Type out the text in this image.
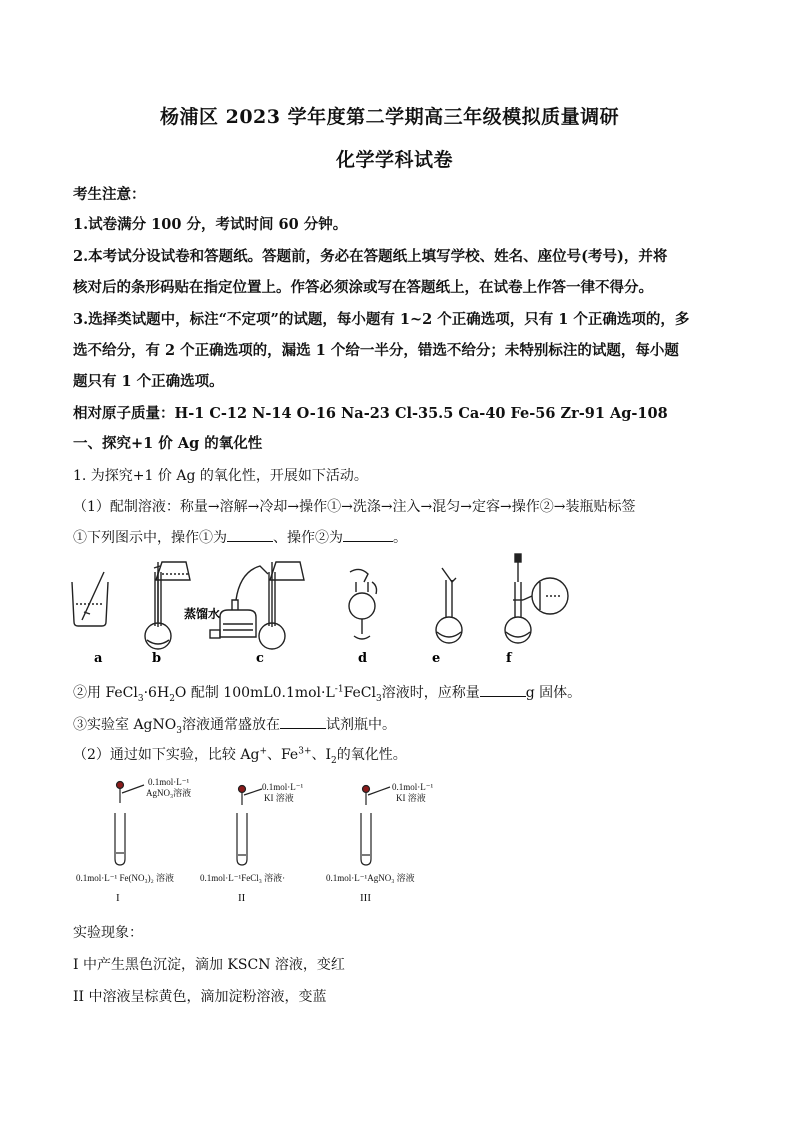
杨浦区 2023 学年度第二学期高三年级模拟质量调研
化学学科试卷
考生注意：
1.试卷满分 100 分，考试时间 60 分钟。
2.本考试分设试卷和答题纸。答题前，务必在答题纸上填写学校、姓名、座位号(考号)，并将
核对后的条形码贴在指定位置上。作答必须涂或写在答题纸上，在试卷上作答一律不得分。
3.选择类试题中，标注“不定项”的试题，每小题有 1~2 个正确选项，只有 1 个正确选项的，多
选不给分，有 2 个正确选项的，漏选 1 个给一半分，错选不给分；未特别标注的试题，每小题
题只有 1 个正确选项。
相对原子质量：H-1 C-12 N-14 O-16 Na-23 Cl-35.5 Ca-40 Fe-56 Zr-91 Ag-108
一、探究+1 价 Ag 的氧化性
1. 为探究+1 价 Ag 的氧化性，开展如下活动。
（1）配制溶液：称量→溶解→冷却→操作①→洗涤→注入→混匀→定容→操作②→装瓶贴标签
①下列图示中，操作①为	、操作②为	。
a	b	c	d	e	f
蒸馏水
②用 $FeCl_3\cdot 6H_2O$ 配制 $100mL0.1mol\cdot L^{-1}FeCl_3$溶液时，应称量	g 固体。
③实验室 AgNO$_3$溶液通常盛放在	试剂瓶中。
（2）通过如下实验，比较 Ag+、$Fe^{3+}$、$I_2$的氧化性。
0.1mol·L⁻¹
AgNO₃溶液
0.1mol·L⁻¹ Fe(NO₃)₂ 溶液
I
0.1mol·L⁻¹
KI 溶液
0.1mol·L⁻¹FeCl₃ 溶液·
II
0.1mol·L⁻¹
KI 溶液
0.1mol·L⁻¹AgNO₃ 溶液
III
实验现象：
I 中产生黑色沉淀，滴加 KSCN 溶液，变红
II 中溶液呈棕黄色，滴加淀粉溶液，变蓝
